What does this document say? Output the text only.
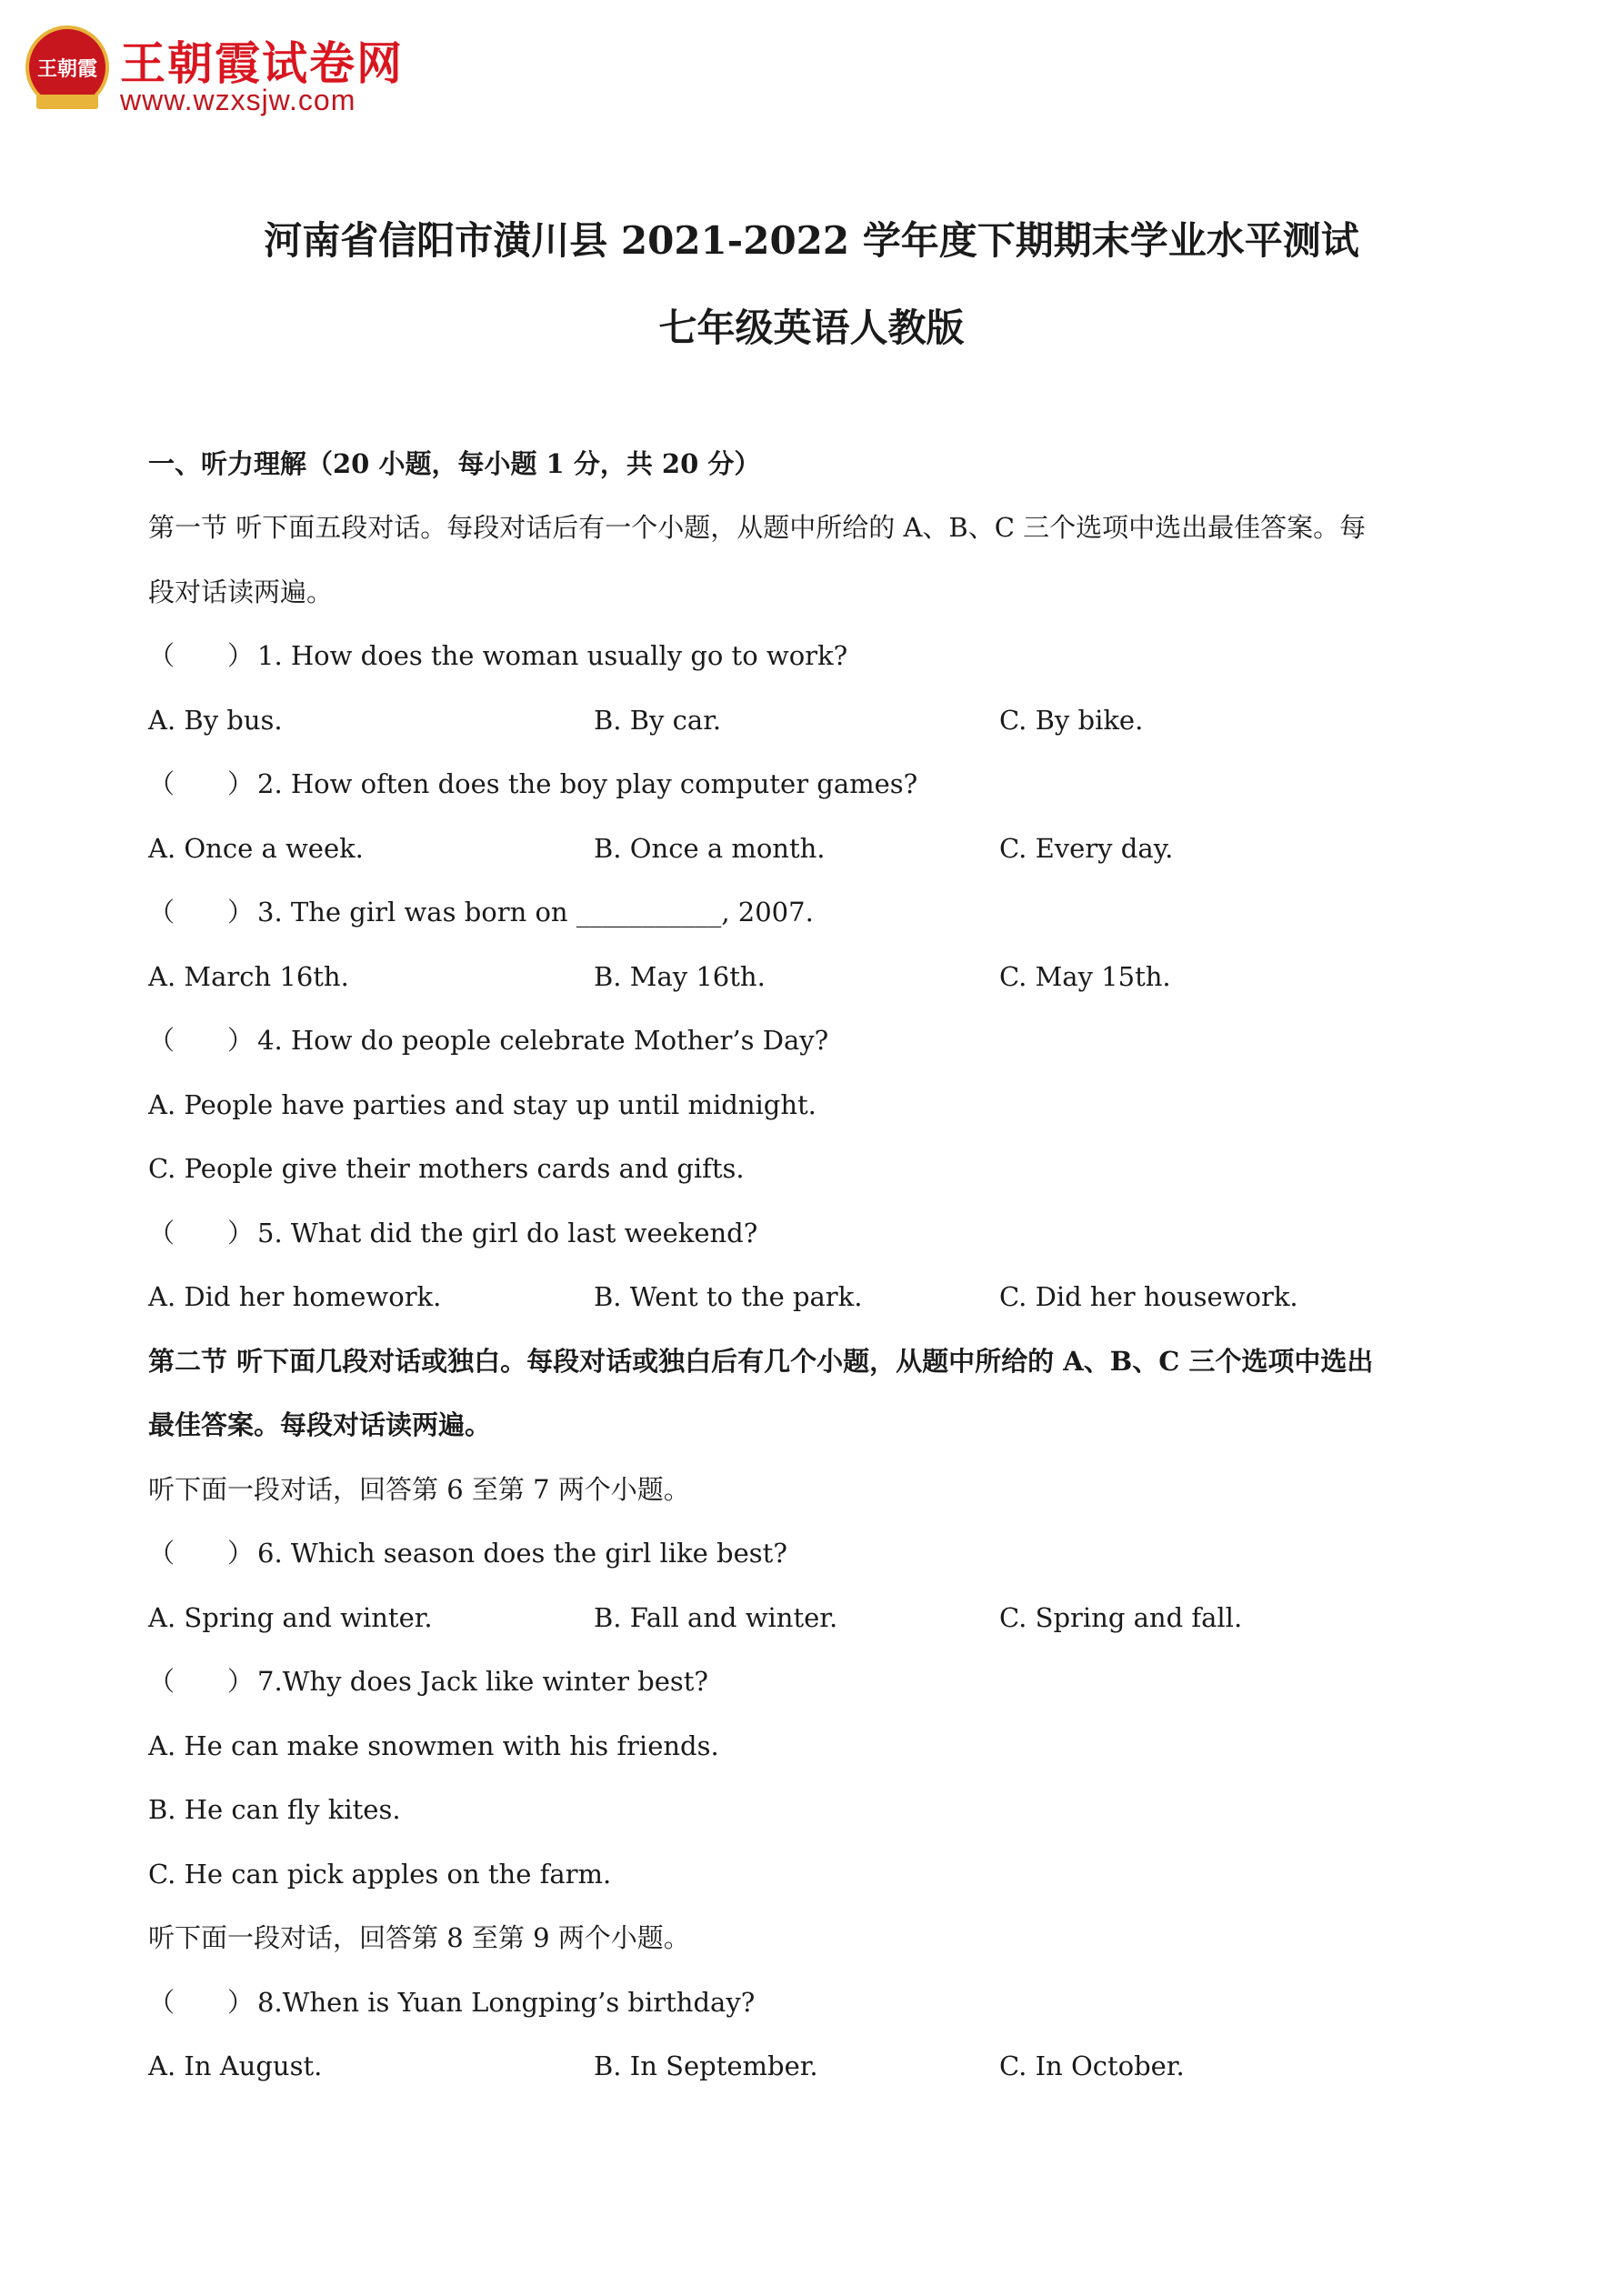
王朝霞 王朝霞试卷网
www.wzxsjw.com
河南省信阳市潢川县 2021-2022 学年度下期期末学业水平测试
七年级英语人教版
一、听力理解（20 小题，每小题 1 分，共 20 分）
第一节 听下面五段对话。每段对话后有一个小题，从题中所给的 A、B、C 三个选项中选出最佳答案。每
段对话读两遍。
（　　） 1. How does the woman usually go to work?
A. By bus.	B. By car.	C. By bike.
（　　） 2. How often does the boy play computer games?
A. Once a week.	B. Once a month.	C. Every day.
（　　） 3. The girl was born on ___________, 2007.
A. March 16th.	B. May 16th.	C. May 15th.
（　　） 4. How do people celebrate Mother’s Day?
A. People have parties and stay up until midnight.
C. People give their mothers cards and gifts.
（　　） 5. What did the girl do last weekend?
A. Did her homework.	B. Went to the park.	C. Did her housework.
第二节 听下面几段对话或独白。每段对话或独白后有几个小题，从题中所给的 A、B、C 三个选项中选出
最佳答案。每段对话读两遍。
听下面一段对话，回答第 6 至第 7 两个小题。
（　　） 6. Which season does the girl like best?
A. Spring and winter.	B. Fall and winter.	C. Spring and fall.
（　　） 7.Why does Jack like winter best?
A. He can make snowmen with his friends.
B. He can fly kites.
C. He can pick apples on the farm.
听下面一段对话，回答第 8 至第 9 两个小题。
（　　） 8.When is Yuan Longping’s birthday?
A. In August.	B. In September.	C. In October.
